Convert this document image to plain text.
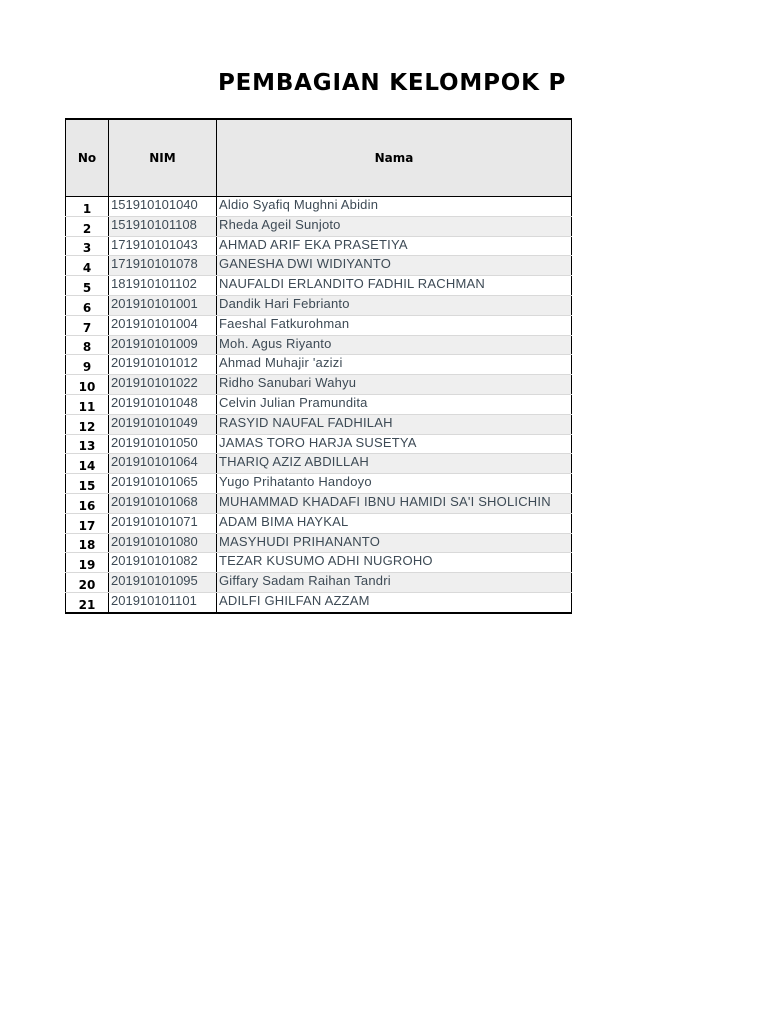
PEMBAGIAN KELOMPOK P
No	NIM	Nama
1	151910101040	Aldio Syafiq Mughni Abidin

2	151910101108	Rheda Ageil Sunjoto

3	171910101043	AHMAD ARIF EKA PRASETIYA

4	171910101078	GANESHA DWI WIDIYANTO

5	181910101102	NAUFALDI ERLANDITO FADHIL RACHMAN

6	201910101001	Dandik Hari Febrianto

7	201910101004	Faeshal Fatkurohman

8	201910101009	Moh. Agus Riyanto

9	201910101012	Ahmad Muhajir 'azizi

10	201910101022	Ridho Sanubari Wahyu

11	201910101048	Celvin Julian Pramundita

12	201910101049	RASYID NAUFAL FADHILAH

13	201910101050	JAMAS TORO HARJA SUSETYA

14	201910101064	THARIQ AZIZ ABDILLAH

15	201910101065	Yugo Prihatanto Handoyo

16	201910101068	MUHAMMAD KHADAFI IBNU HAMIDI SA'I SHOLICHIN

17	201910101071	ADAM BIMA HAYKAL

18	201910101080	MASYHUDI PRIHANANTO

19	201910101082	TEZAR KUSUMO ADHI NUGROHO

20	201910101095	Giffary Sadam Raihan Tandri

21	201910101101	ADILFI GHILFAN AZZAM
